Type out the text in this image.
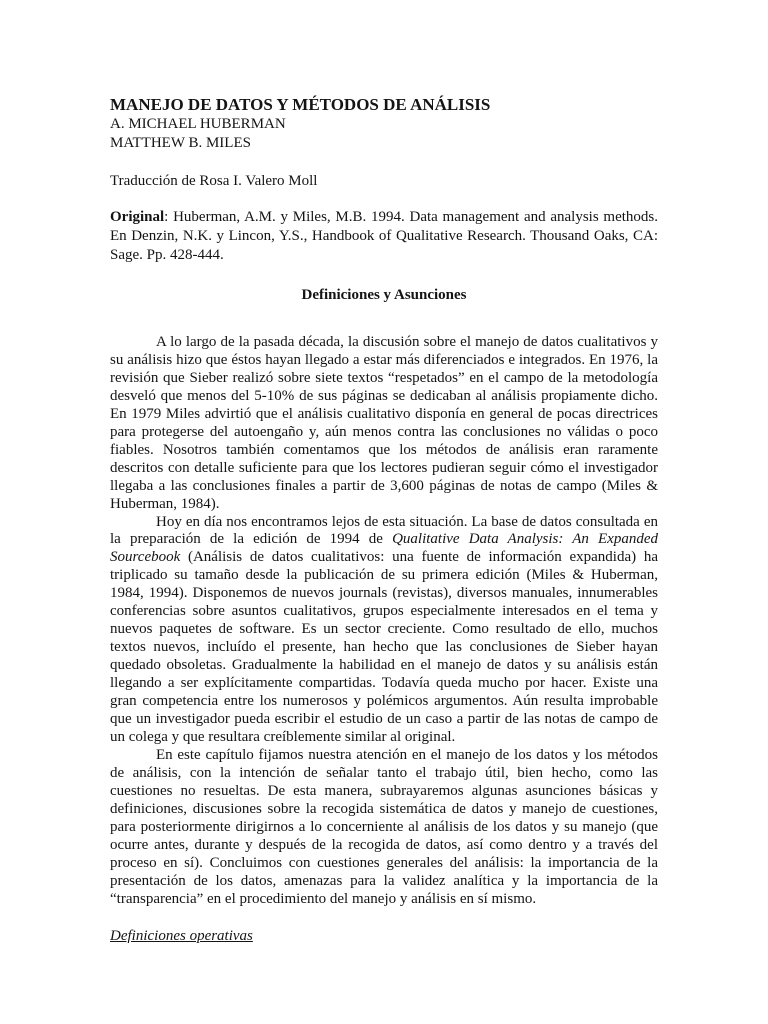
MANEJO DE DATOS Y MÉTODOS DE ANÁLISIS

A. MICHAEL HUBERMAN

MATTHEW B. MILES

Traducción de Rosa I. Valero Moll

Original: Huberman, A.M. y Miles, M.B. 1994. Data management and analysis methods. En Denzin, N.K. y Lincon, Y.S., Handbook of Qualitative Research. Thousand Oaks, CA: Sage. Pp. 428-444.

Definiciones y Asunciones

A lo largo de la pasada década, la discusión sobre el manejo de datos cualitativos y su análisis hizo que éstos hayan llegado a estar más diferenciados e integrados. En 1976, la revisión que Sieber realizó sobre siete textos “respetados” en el campo de la metodología desveló que menos del 5-10% de sus páginas se dedicaban al análisis propiamente dicho. En 1979 Miles advirtió que el análisis cualitativo disponía en general de pocas directrices para protegerse del autoengaño y, aún menos contra las conclusiones no válidas o poco fiables. Nosotros también comentamos que los métodos de análisis eran raramente descritos con detalle suficiente para que los lectores pudieran seguir cómo el investigador llegaba a las conclusiones finales a partir de 3,600 páginas de notas de campo (Miles & Huberman, 1984).

Hoy en día nos encontramos lejos de esta situación. La base de datos consultada en la preparación de la edición de 1994 de Qualitative Data Analysis: An Expanded Sourcebook (Análisis de datos cualitativos: una fuente de información expandida) ha triplicado su tamaño desde la publicación de su primera edición (Miles & Huberman, 1984, 1994). Disponemos de nuevos journals (revistas), diversos manuales, innumerables conferencias sobre asuntos cualitativos, grupos especialmente interesados en el tema y nuevos paquetes de software. Es un sector creciente. Como resultado de ello, muchos textos nuevos, incluído el presente, han hecho que las conclusiones de Sieber hayan quedado obsoletas. Gradualmente la habilidad en el manejo de datos y su análisis están llegando a ser explícitamente compartidas. Todavía queda mucho por hacer. Existe una gran competencia entre los numerosos y polémicos argumentos. Aún resulta improbable que un investigador pueda escribir el estudio de un caso a partir de las notas de campo de un colega y que resultara creíblemente similar al original.

En este capítulo fijamos nuestra atención en el manejo de los datos y los métodos de análisis, con la intención de señalar tanto el trabajo útil, bien hecho, como las cuestiones no resueltas. De esta manera, subrayaremos algunas asunciones básicas y definiciones, discusiones sobre la recogida sistemática de datos y manejo de cuestiones, para posteriormente dirigirnos a lo concerniente al análisis de los datos y su manejo (que ocurre antes, durante y después de la recogida de datos, así como dentro y a través del proceso en sí). Concluimos con cuestiones generales del análisis: la importancia de la presentación de los datos, amenazas para la validez analítica y la importancia de la “transparencia” en el procedimiento del manejo y análisis en sí mismo.

Definiciones operativas
